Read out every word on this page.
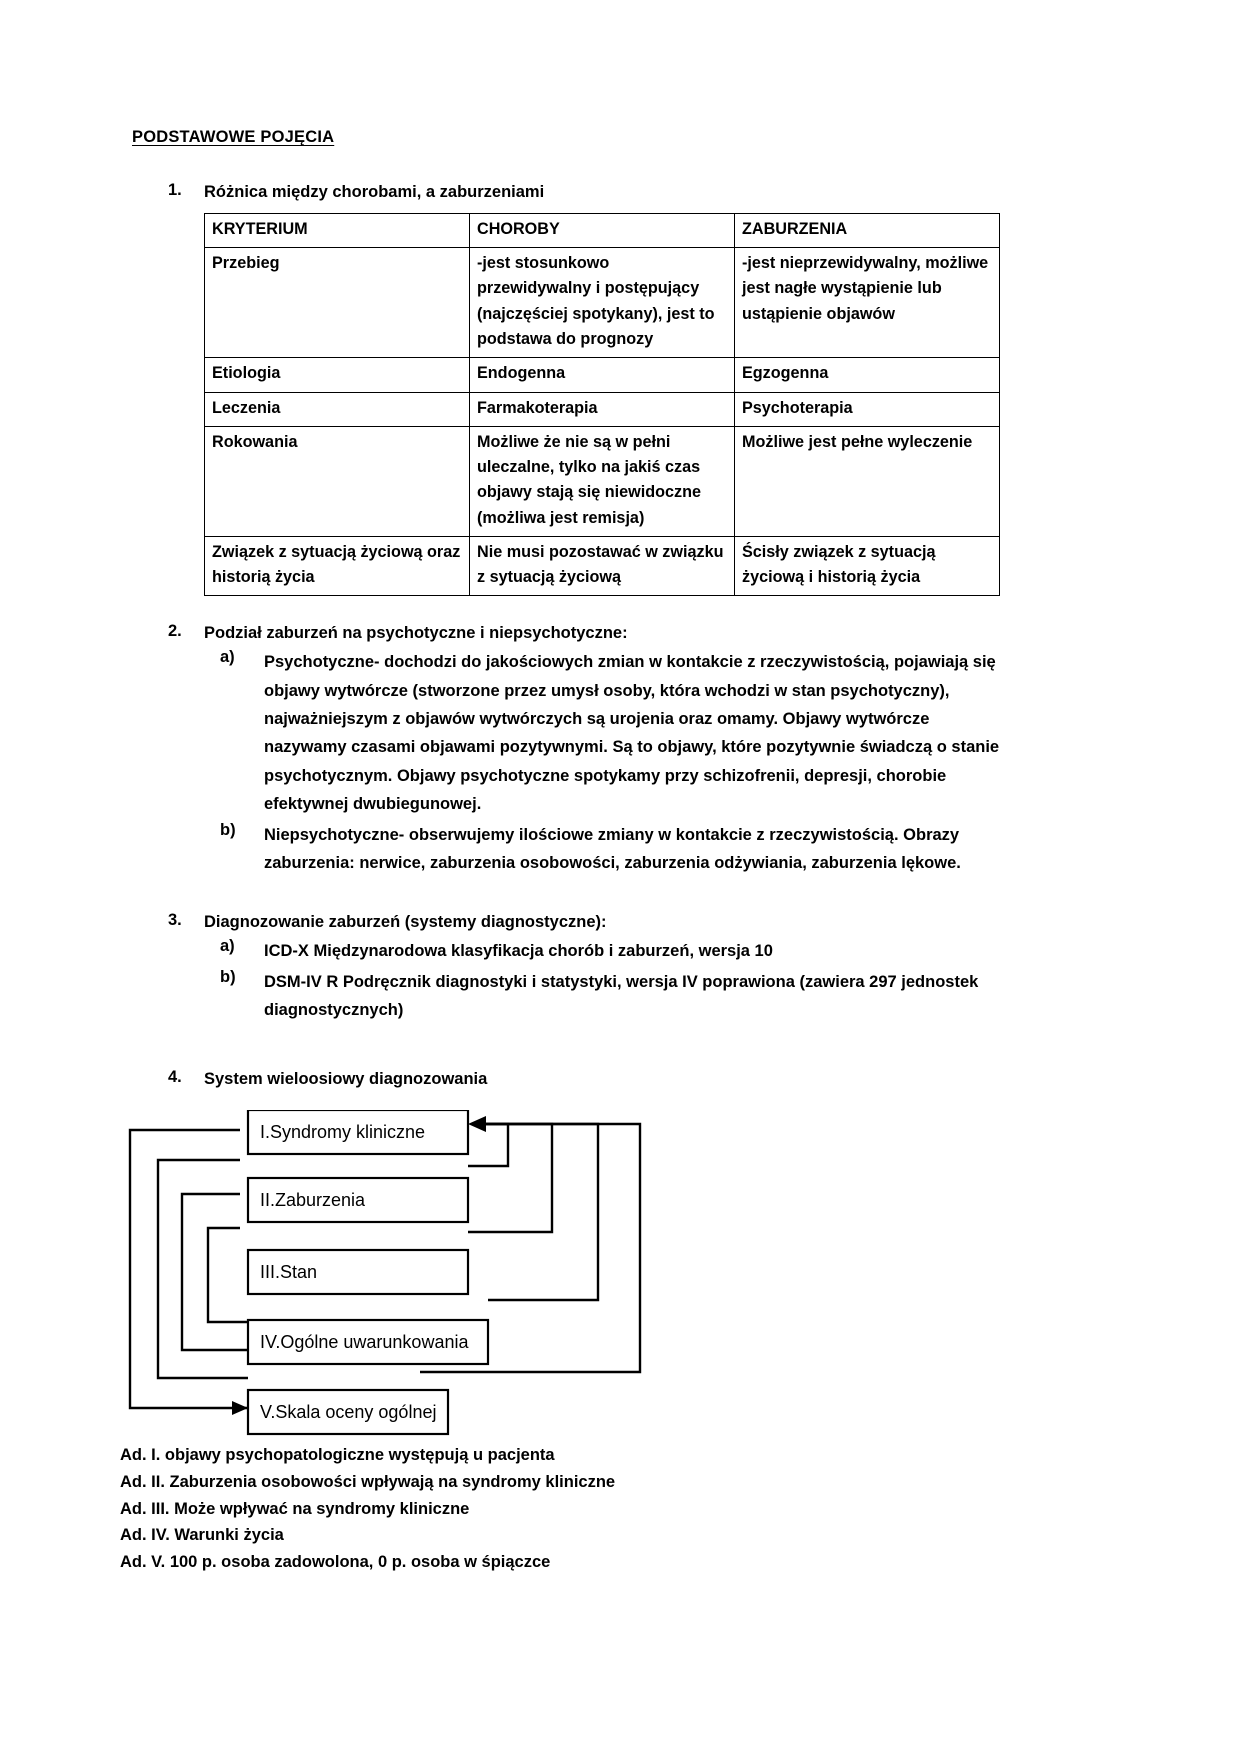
PODSTAWOWE POJĘCIA
1. Różnica między chorobami, a zaburzeniami
KRYTERIUM	CHOROBY	ZABURZENIA
Przebieg	-jest stosunkowo przewidywalny i postępujący (najczęściej spotykany), jest to podstawa do prognozy	-jest nieprzewidywalny, możliwe jest nagłe wystąpienie lub ustąpienie objawów
Etiologia	Endogenna	Egzogenna
Leczenia	Farmakoterapia	Psychoterapia
Rokowania	Możliwe że nie są w pełni uleczalne, tylko na jakiś czas objawy stają się niewidoczne (możliwa jest remisja)	Możliwe jest pełne wyleczenie
Związek z sytuacją życiową oraz historią życia	Nie musi pozostawać w związku z sytuacją życiową	Ścisły związek z sytuacją życiową i historią życia
2. Podział zaburzeń na psychotyczne i niepsychotyczne:
a) Psychotyczne- dochodzi do jakościowych zmian w kontakcie z rzeczywistością, pojawiają się objawy wytwórcze (stworzone przez umysł osoby, która wchodzi w stan psychotyczny), najważniejszym z objawów wytwórczych są urojenia oraz omamy. Objawy wytwórcze nazywamy czasami objawami pozytywnymi. Są to objawy, które pozytywnie świadczą o stanie psychotycznym. Objawy psychotyczne spotykamy przy schizofrenii, depresji, chorobie efektywnej dwubiegunowej.
b) Niepsychotyczne- obserwujemy ilościowe zmiany w kontakcie z rzeczywistością. Obrazy zaburzenia: nerwice, zaburzenia osobowości, zaburzenia odżywiania, zaburzenia lękowe.
3. Diagnozowanie zaburzeń (systemy diagnostyczne):
a) ICD-X Międzynarodowa klasyfikacja chorób i zaburzeń, wersja 10
b) DSM-IV R Podręcznik diagnostyki i statystyki, wersja IV poprawiona (zawiera 297 jednostek diagnostycznych)
4. System wieloosiowy diagnozowania
I.Syndromy kliniczne
II.Zaburzenia
III.Stan
IV.Ogólne uwarunkowania
V.Skala oceny ogólnej
Ad. I. objawy psychopatologiczne występują u pacjenta
Ad. II. Zaburzenia osobowości wpływają na syndromy kliniczne
Ad. III. Może wpływać na syndromy kliniczne
Ad. IV. Warunki życia
Ad. V. 100 p. osoba zadowolona, 0 p. osoba w śpiączce
